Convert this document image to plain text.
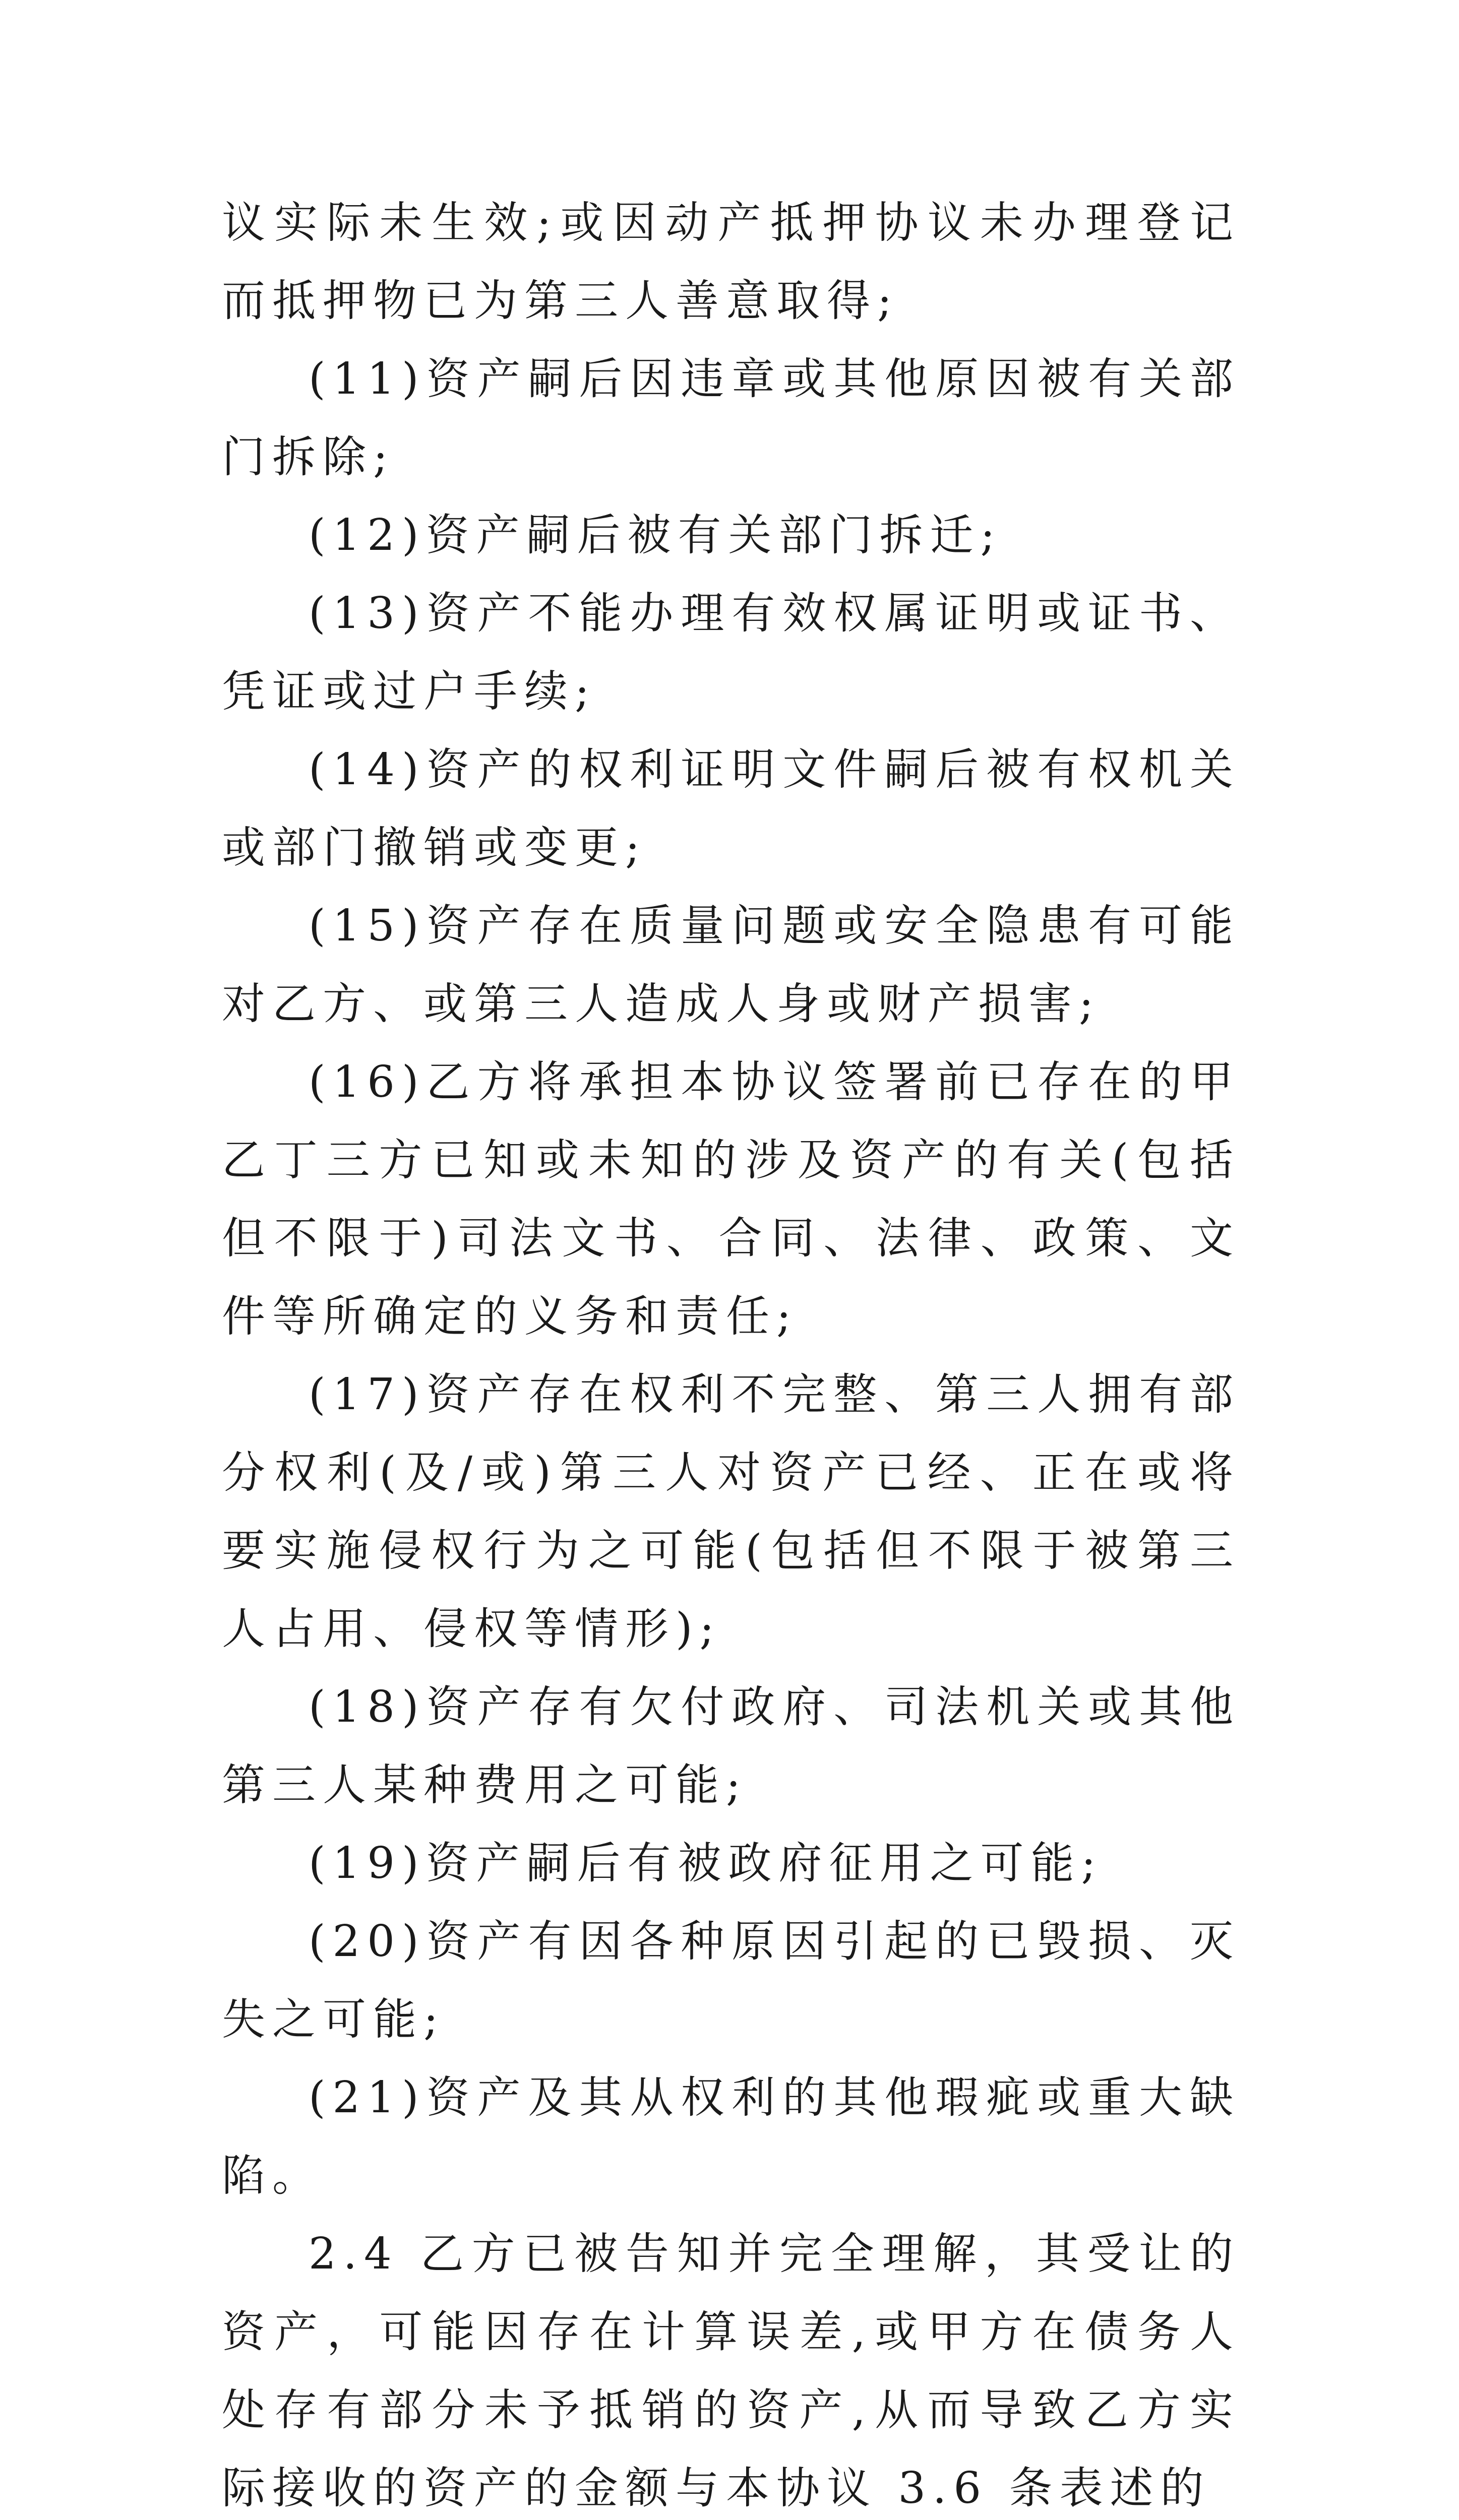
议实际未生效;或因动产抵押协议未办理登记而抵押物已为第三人善意取得;

(11)资产嗣后因违章或其他原因被有关部门拆除;

(12)资产嗣后被有关部门拆迁;

(13)资产不能办理有效权属证明或证书、凭证或过户手续;

(14)资产的权利证明文件嗣后被有权机关或部门撤销或变更;

(15)资产存在质量问题或安全隐患有可能对乙方、或第三人造成人身或财产损害;

(16)乙方将承担本协议签署前已存在的甲乙丁三方已知或未知的涉及资产的有关(包括但不限于)司法文书、合同、法律、政策、文件等所确定的义务和责任;

(17)资产存在权利不完整、第三人拥有部分权利(及/或)第三人对资产已经、正在或将要实施侵权行为之可能(包括但不限于被第三人占用、侵权等情形);

(18)资产存有欠付政府、司法机关或其他第三人某种费用之可能;

(19)资产嗣后有被政府征用之可能;

(20)资产有因各种原因引起的已毁损、灭失之可能;

(21)资产及其从权利的其他瑕疵或重大缺陷。

2.4 乙方已被告知并完全理解，其受让的资产，可能因存在计算误差,或甲方在债务人处存有部分未予抵销的资产,从而导致乙方实际接收的资产的金额与本协议 3.6 条表述的
